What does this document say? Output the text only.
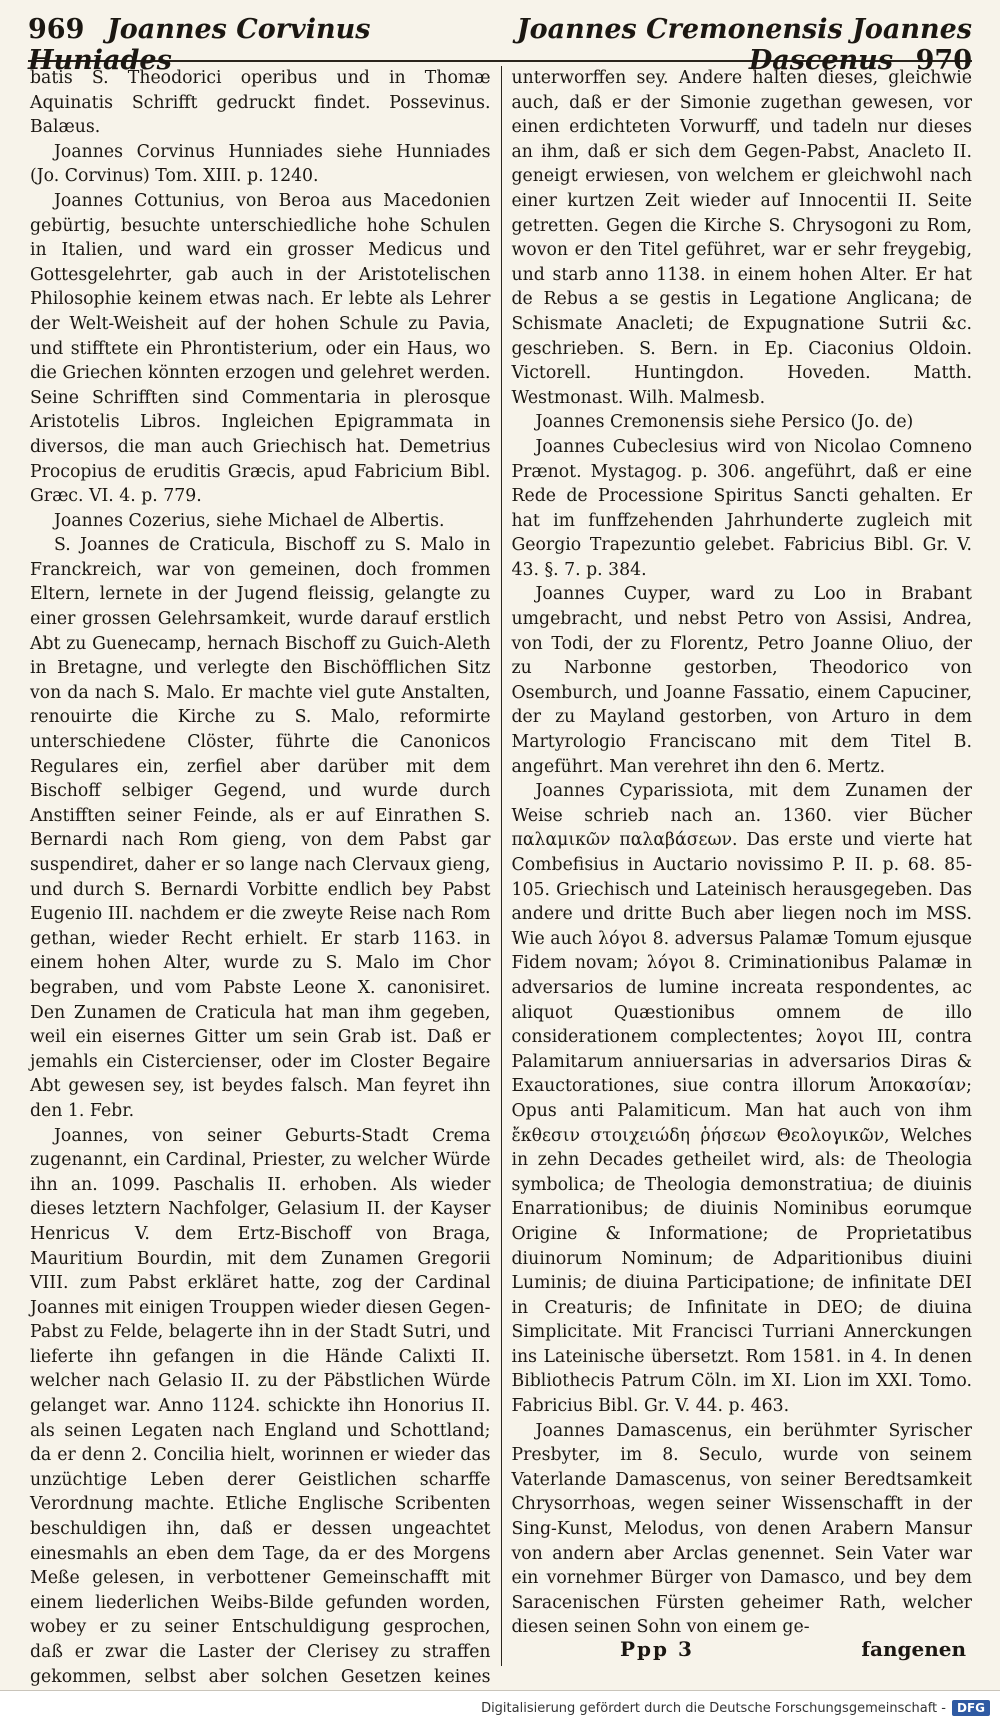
969 Joannes Corvinus Huniades
Joannes Cremonensis Joannes Dascenus 970

batis S. Theodorici operibus und in Thomæ Aquinatis Schrifft gedruckt findet. Possevinus. Balæus.

Joannes Corvinus Hunniades siehe Hunniades (Jo. Corvinus) Tom. XIII. p. 1240.

Joannes Cottunius, von Beroa aus Macedonien gebürtig, besuchte unterschiedliche hohe Schulen in Italien, und ward ein grosser Medicus und Gottesgelehrter, gab auch in der Aristotelischen Philosophie keinem etwas nach. Er lebte als Lehrer der Welt-Weisheit auf der hohen Schule zu Pavia, und stifftete ein Phrontisterium, oder ein Haus, wo die Griechen könnten erzogen und gelehret werden. Seine Schrifften sind Commentaria in plerosque Aristotelis Libros. Ingleichen Epigrammata in diversos, die man auch Griechisch hat. Demetrius Procopius de eruditis Græcis, apud Fabricium Bibl. Græc. VI. 4. p. 779.

Joannes Cozerius, siehe Michael de Albertis.

S. Joannes de Craticula, Bischoff zu S. Malo in Franckreich, war von gemeinen, doch frommen Eltern, lernete in der Jugend fleissig, gelangte zu einer grossen Gelehrsamkeit, wurde darauf erstlich Abt zu Guenecamp, hernach Bischoff zu Guich-Aleth in Bretagne, und verlegte den Bischöfflichen Sitz von da nach S. Malo. Er machte viel gute Anstalten, renouirte die Kirche zu S. Malo, reformirte unterschiedene Clöster, führte die Canonicos Regulares ein, zerfiel aber darüber mit dem Bischoff selbiger Gegend, und wurde durch Anstifften seiner Feinde, als er auf Einrathen S. Bernardi nach Rom gieng, von dem Pabst gar suspendiret, daher er so lange nach Clervaux gieng, und durch S. Bernardi Vorbitte endlich bey Pabst Eugenio III. nachdem er die zweyte Reise nach Rom gethan, wieder Recht erhielt. Er starb 1163. in einem hohen Alter, wurde zu S. Malo im Chor begraben, und vom Pabste Leone X. canonisiret. Den Zunamen de Craticula hat man ihm gegeben, weil ein eisernes Gitter um sein Grab ist. Daß er jemahls ein Cistercienser, oder im Closter Begaire Abt gewesen sey, ist beydes falsch. Man feyret ihn den 1. Febr.

Joannes, von seiner Geburts-Stadt Crema zugenannt, ein Cardinal, Priester, zu welcher Würde ihn an. 1099. Paschalis II. erhoben. Als wieder dieses letztern Nachfolger, Gelasium II. der Kayser Henricus V. dem Ertz-Bischoff von Braga, Mauritium Bourdin, mit dem Zunamen Gregorii VIII. zum Pabst erkläret hatte, zog der Cardinal Joannes mit einigen Trouppen wieder diesen Gegen-Pabst zu Felde, belagerte ihn in der Stadt Sutri, und lieferte ihn gefangen in die Hände Calixti II. welcher nach Gelasio II. zu der Päbstlichen Würde gelanget war. Anno 1124. schickte ihn Honorius II. als seinen Legaten nach England und Schottland; da er denn 2. Concilia hielt, worinnen er wieder das unzüchtige Leben derer Geistlichen scharffe Verordnung machte. Etliche Englische Scribenten beschuldigen ihn, daß er dessen ungeachtet einesmahls an eben dem Tage, da er des Morgens Meße gelesen, in verbottener Gemeinschafft mit einem liederlichen Weibs-Bilde gefunden worden, wobey er zu seiner Entschuldigung gesprochen, daß er zwar die Laster der Clerisey zu straffen gekommen, selbst aber solchen Gesetzen keines

unterworffen sey. Andere halten dieses, gleichwie auch, daß er der Simonie zugethan gewesen, vor einen erdichteten Vorwurff, und tadeln nur dieses an ihm, daß er sich dem Gegen-Pabst, Anacleto II. geneigt erwiesen, von welchem er gleichwohl nach einer kurtzen Zeit wieder auf Innocentii II. Seite getretten. Gegen die Kirche S. Chrysogoni zu Rom, wovon er den Titel geführet, war er sehr freygebig, und starb anno 1138. in einem hohen Alter. Er hat de Rebus a se gestis in Legatione Anglicana; de Schismate Anacleti; de Expugnatione Sutrii &c. geschrieben. S. Bern. in Ep. Ciaconius Oldoin. Victorell. Huntingdon. Hoveden. Matth. Westmonast. Wilh. Malmesb.

Joannes Cremonensis siehe Persico (Jo. de)

Joannes Cubeclesius wird von Nicolao Comneno Prænot. Mystagog. p. 306. angeführt, daß er eine Rede de Processione Spiritus Sancti gehalten. Er hat im funffzehenden Jahrhunderte zugleich mit Georgio Trapezuntio gelebet. Fabricius Bibl. Gr. V. 43. §. 7. p. 384.

Joannes Cuyper, ward zu Loo in Brabant umgebracht, und nebst Petro von Assisi, Andrea, von Todi, der zu Florentz, Petro Joanne Oliuo, der zu Narbonne gestorben, Theodorico von Osemburch, und Joanne Fassatio, einem Capuciner, der zu Mayland gestorben, von Arturo in dem Martyrologio Franciscano mit dem Titel B. angeführt. Man verehret ihn den 6. Mertz.

Joannes Cyparissiota, mit dem Zunamen der Weise schrieb nach an. 1360. vier Bücher παλαμικῶν παλαβάσεων. Das erste und vierte hat Combefisius in Auctario novissimo P. II. p. 68. 85-105. Griechisch und Lateinisch herausgegeben. Das andere und dritte Buch aber liegen noch im MSS. Wie auch λόγοι 8. adversus Palamæ Tomum ejusque Fidem novam; λόγοι 8. Criminationibus Palamæ in adversarios de lumine increata respondentes, ac aliquot Quæstionibus omnem de illo considerationem complectentes; λογοι III, contra Palamitarum anniuersarias in adversarios Diras & Exauctorationes, siue contra illorum Ἀποκασίαν; Opus anti Palamiticum. Man hat auch von ihm ἔκθεσιν στοιχειώδη ῥήσεων Θεολογικῶν, Welches in zehn Decades getheilet wird, als: de Theologia symbolica; de Theologia demonstratiua; de diuinis Enarrationibus; de diuinis Nominibus eorumque Origine & Informatione; de Proprietatibus diuinorum Nominum; de Adparitionibus diuini Luminis; de diuina Participatione; de infinitate DEI in Creaturis; de Infinitate in DEO; de diuina Simplicitate. Mit Francisci Turriani Annerckungen ins Lateinische übersetzt. Rom 1581. in 4. In denen Bibliothecis Patrum Cöln. im XI. Lion im XXI. Tomo. Fabricius Bibl. Gr. V. 44. p. 463.

Joannes Damascenus, ein berühmter Syrischer Presbyter, im 8. Seculo, wurde von seinem Vaterlande Damascenus, von seiner Beredtsamkeit Chrysorrhoas, wegen seiner Wissenschafft in der Sing-Kunst, Melodus, von denen Arabern Mansur von andern aber Arclas genennet. Sein Vater war ein vornehmer Bürger von Damasco, und bey dem Saracenischen Fürsten geheimer Rath, welcher diesen seinen Sohn von einem ge-

Ppp 3	fangenen
Digitalisierung gefördert durch die Deutsche Forschungsgemeinschaft - DFG
